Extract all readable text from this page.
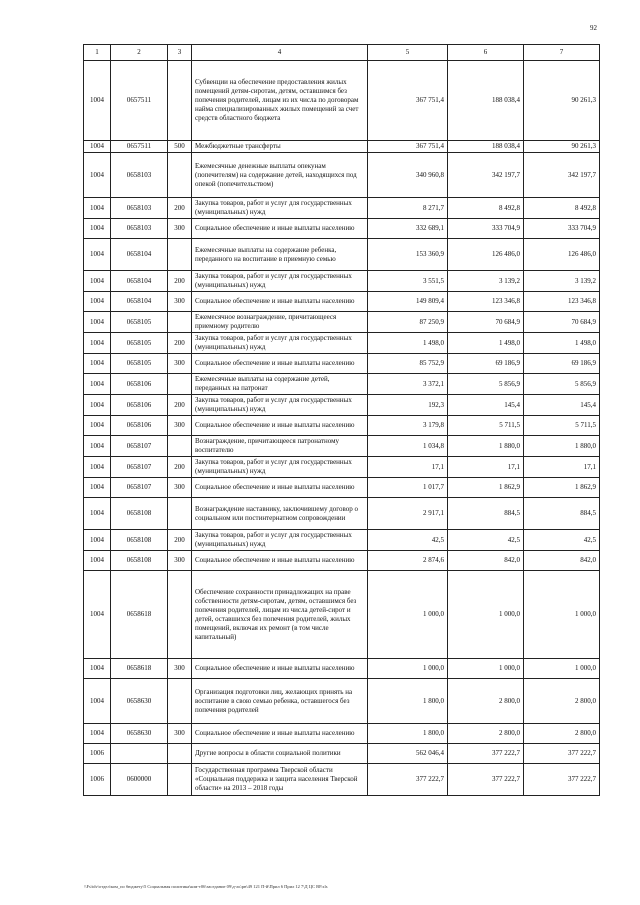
92
1	2	3	4	5	6	7
1004	0657511		Субвенции на обеспечение предоставления жилых помещений детям-сиротам, детям, оставшимся без попечения родителей, лицам из их числа по договорам найма специализированных жилых помещений за счет средств областного бюджета	367 751,4	188 038,4	90 261,3
1004	0657511	500	Межбюджетные трансферты	367 751,4	188 038,4	90 261,3
1004	0658103		Ежемесячные денежные выплаты опекунам (попечителям) на содержание детей, находящихся под опекой (попечительством)	340 960,8	342 197,7	342 197,7
1004	0658103	200	Закупка товаров, работ и услуг для государственных (муниципальных) нужд	8 271,7	8 492,8	8 492,8
1004	0658103	300	Социальное обеспечение и иные выплаты населению	332 689,1	333 704,9	333 704,9
1004	0658104		Ежемесячные выплаты на содержание ребенка, переданного на воспитание в приемную семью	153 360,9	126 486,0	126 486,0
1004	0658104	200	Закупка товаров, работ и услуг для государственных (муниципальных) нужд	3 551,5	3 139,2	3 139,2
1004	0658104	300	Социальное обеспечение и иные выплаты населению	149 809,4	123 346,8	123 346,8
1004	0658105		Ежемесячное вознаграждение, причитающееся приемному родителю	87 250,9	70 684,9	70 684,9
1004	0658105	200	Закупка товаров, работ и услуг для государственных (муниципальных) нужд	1 498,0	1 498,0	1 498,0
1004	0658105	300	Социальное обеспечение и иные выплаты населению	85 752,9	69 186,9	69 186,9
1004	0658106		Ежемесячные выплаты на содержание детей, переданных на патронат	3 372,1	5 856,9	5 856,9
1004	0658106	200	Закупка товаров, работ и услуг для государственных (муниципальных) нужд	192,3	145,4	145,4
1004	0658106	300	Социальное обеспечение и иные выплаты населению	3 179,8	5 711,5	5 711,5
1004	0658107		Вознаграждение, причитающееся патронатному воспитателю	1 034,8	1 880,0	1 880,0
1004	0658107	200	Закупка товаров, работ и услуг для государственных (муниципальных) нужд	17,1	17,1	17,1
1004	0658107	300	Социальное обеспечение и иные выплаты населению	1 017,7	1 862,9	1 862,9
1004	0658108		Вознаграждение наставнику, заключившему договор о социальном или постинтернатном сопровождении	2 917,1	884,5	884,5
1004	0658108	200	Закупка товаров, работ и услуг для государственных (муниципальных) нужд	42,5	42,5	42,5
1004	0658108	300	Социальное обеспечение и иные выплаты населению	2 874,6	842,0	842,0
1004	0658618		Обеспечение сохранности принадлежащих на праве собственности детям-сиротам, детям, оставшимся без попечения родителей, лицам из числа детей-сирот и детей, оставшихся без попечения родителей, жилых помещений, включая их ремонт (в том числе капитальный)	1 000,0	1 000,0	1 000,0
1004	0658618	300	Социальное обеспечение и иные выплаты населению	1 000,0	1 000,0	1 000,0
1004	0658630		Организация подготовки лиц, желающих принять на воспитание в свою семью ребенка, оставшегося без попечения родителей	1 800,0	2 800,0	2 800,0
1004	0658630	300	Социальное обеспечение и иные выплаты населению	1 800,0	2 800,0	2 800,0
1006			Другие вопросы в области социальной политики	562 046,4	377 222,7	377 222,7
1006	0600000		Государственная программа Тверской области «Социальная поддержка и защита населения Тверской области» на 2013 – 2018 годы	377 222,7	377 222,7	377 222,7
\\Fs\tdv\отдел\ком_по бюджету\5 Социальная политика\ком-т06\заседание 09\д-ль\рн\49 121 П-й\Прил 6 Прил 12 7\Д ЦС ВР.xls
